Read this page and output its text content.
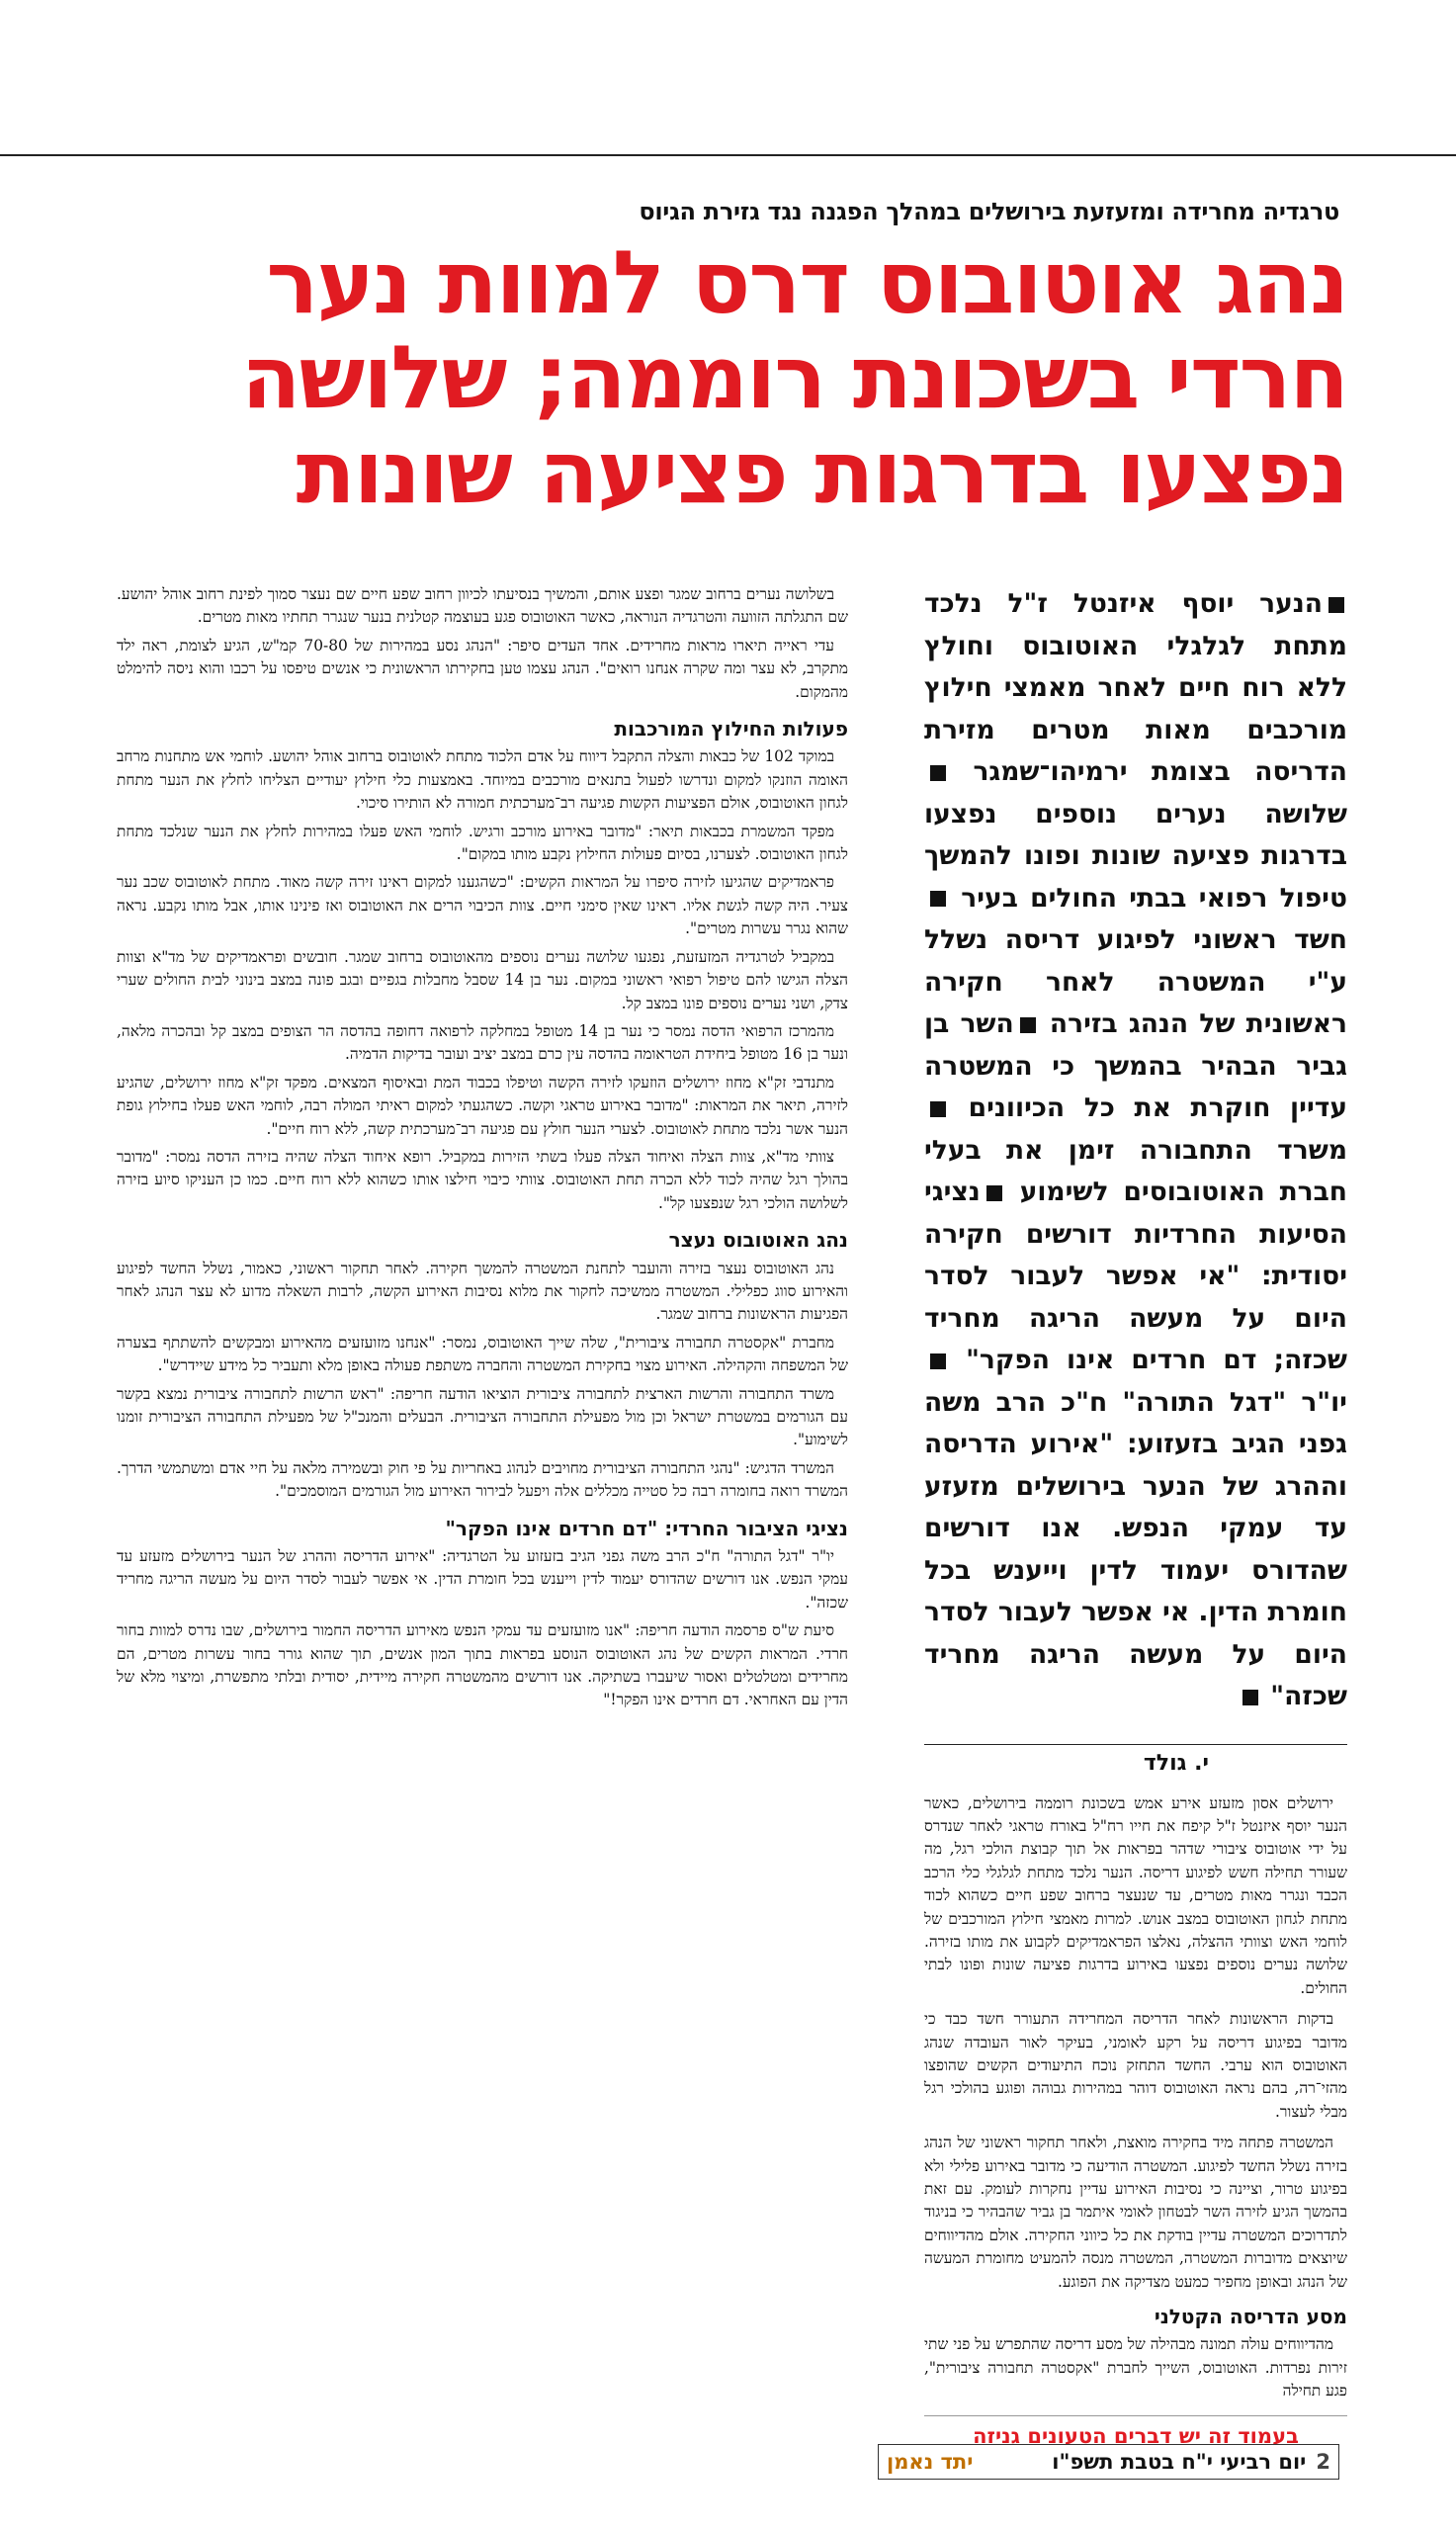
טרגדיה מחרידה ומזעזעת בירושלים במהלך הפגנה נגד גזירת הגיוס
נהג אוטובוס דרס למוות נער
חרדי בשכונת רוממה; שלושה
נפצעו בדרגות פציעה שונות

הנער יוסף איזנטל ז"ל נלכד מתחת לגלגלי האוטובוס וחולץ ללא רוח חיים לאחר מאמצי חילוץ מורכבים מאות מטרים מזירת הדריסה בצומת ירמיהו־שמגר שלושה נערים נוספים נפצעו בדרגות פציעה שונות ופונו להמשך טיפול רפואי בבתי החולים בעיר חשד ראשוני לפיגוע דריסה נשלל ע"י המשטרה לאחר חקירה ראשונית של הנהג בזירה השר בן גביר הבהיר בהמשך כי המשטרה עדיין חוקרת את כל הכיוונים משרד התחבורה זימן את בעלי חברת האוטובוסים לשימוע נציגי הסיעות החרדיות דורשים חקירה יסודית: "אי אפשר לעבור לסדר היום על מעשה הריגה מחריד שכזה; דם חרדים אינו הפקר" יו"ר "דגל התורה" ח"כ הרב משה גפני הגיב בזעזוע: "אירוע הדריסה וההרג של הנער בירושלים מזעזע עד עמקי הנפש. אנו דורשים שהדורס יעמוד לדין וייענש בכל חומרת הדין. אי אפשר לעבור לסדר היום על מעשה הריגה מחריד שכזה"

י. גולד

ירושלים אסון מזעזע אירע אמש בשכונת רוממה בירושלים, כאשר הנער יוסף איזנטל ז"ל קיפח את חייו רח"ל באורח טראגי לאחר שנדרס על ידי אוטובוס ציבורי שדהר בפראות אל תוך קבוצת הולכי רגל, מה שעורר תחילה חשש לפיגוע דריסה. הנער נלכד מתחת לגלגלי כלי הרכב הכבד ונגרר מאות מטרים, עד שנעצר ברחוב שפע חיים כשהוא לכוד מתחת לגחון האוטובוס במצב אנוש. למרות מאמצי חילוץ המורכבים של לוחמי האש וצוותי ההצלה, נאלצו הפראמדיקים לקבוע את מותו בזירה. שלושה נערים נוספים נפצעו באירוע בדרגות פציעה שונות ופונו לבתי החולים.

בדקות הראשונות לאחר הדריסה המחרידה התעורר חשד כבד כי מדובר בפיגוע דריסה על רקע לאומני, בעיקר לאור העובדה שנהג האוטובוס הוא ערבי. החשד התחזק נוכח התיעודים הקשים שהופצו מהזי־רה, בהם נראה האוטובוס דוהר במהירות גבוהה ופוגע בהולכי רגל מבלי לעצור.

המשטרה פתחה מיד בחקירה מואצת, ולאחר תחקור ראשוני של הנהג בזירה נשלל החשד לפיגוע. המשטרה הודיעה כי מדובר באירוע פלילי ולא בפיגוע טרור, וציינה כי נסיבות האירוע עדיין נחקרות לעומק. עם זאת בהמשך הגיע לזירה השר לבטחון לאומי איתמר בן גביר שהבהיר כי בניגוד לתדרוכים המשטרה עדיין בודקת את כל כיווני החקירה. אולם מהדיווחים שיוצאים מדוברות המשטרה, המשטרה מנסה להמעיט מחומרת המעשה של הנהג ובאופן מחפיר כמעט מצדיקה את הפוגע.

מסע הדריסה הקטלני

מהדיווחים עולה תמונה מבהילה של מסע דריסה שהתפרש על פני שתי זירות נפרדות. האוטובוס, השייך לחברת "אקסטרה תחבורה ציבורית", פגע תחילה

בעמוד זה יש דברים הטעונים גניזה

בשלושה נערים ברחוב שמגר ופצע אותם, והמשיך בנסיעתו לכיוון רחוב שפע חיים שם נעצר סמוך לפינת רחוב אוהל יהושע. שם התגלתה הזוועה והטרגדיה הנוראה, כאשר האוטובוס פגע בעוצמה קטלנית בנער שנגרר תחתיו מאות מטרים.

עדי ראייה תיארו מראות מחרידים. אחד העדים סיפר: "הנהג נסע במהירות של 70-80 קמ"ש, הגיע לצומת, ראה ילד מתקרב, לא עצר ומה שקרה אנחנו רואים". הנהג עצמו טען בחקירתו הראשונית כי אנשים טיפסו על רכבו והוא ניסה להימלט מהמקום.

פעולות החילוץ המורכבות

במוקד 102 של כבאות והצלה התקבל דיווח על אדם הלכוד מתחת לאוטובוס ברחוב אוהל יהושע. לוחמי אש מתחנות מרחב האומה הוזנקו למקום ונדרשו לפעול בתנאים מורכבים במיוחד. באמצעות כלי חילוץ יעודיים הצליחו לחלץ את הנער מתחת לגחון האוטובוס, אולם הפציעות הקשות פגיעה רב־מערכתית חמורה לא הותירו סיכוי.

מפקד המשמרת בכבאות תיאר: "מדובר באירוע מורכב ורגיש. לוחמי האש פעלו במהירות לחלץ את הנער שנלכד מתחת לגחון האוטובוס. לצערנו, בסיום פעולות החילוץ נקבע מותו במקום".

פראמדיקים שהגיעו לזירה סיפרו על המראות הקשים: "כשהגענו למקום ראינו זירה קשה מאוד. מתחת לאוטובוס שכב נער צעיר. היה קשה לגשת אליו. ראינו שאין סימני חיים. צוות הכיבוי הרים את האוטובוס ואז פינינו אותו, אבל מותו נקבע. נראה שהוא נגרר עשרות מטרים".

במקביל לטרגדיה המזעזעת, נפגעו שלושה נערים נוספים מהאוטובוס ברחוב שמגר. חובשים ופראמדיקים של מד"א וצוות הצלה הגישו להם טיפול רפואי ראשוני במקום. נער בן 14 שסבל מחבלות בגפיים ובגב פונה במצב בינוני לבית החולים שערי צדק, ושני נערים נוספים פונו במצב קל.

מהמרכז הרפואי הדסה נמסר כי נער בן 14 מטופל במחלקה לרפואה דחופה בהדסה הר הצופים במצב קל ובהכרה מלאה, ונער בן 16 מטופל ביחידת הטראומה בהדסה עין כרם במצב יציב ועובר בדיקות הדמיה.

מתנדבי זק"א מחוז ירושלים הוזעקו לזירה הקשה וטיפלו בכבוד המת ובאיסוף המצאים. מפקד זק"א מחוז ירושלים, שהגיע לזירה, תיאר את המראות: "מדובר באירוע טראגי וקשה. כשהגעתי למקום ראיתי המולה רבה, לוחמי האש פעלו בחילוץ גופת הנער אשר נלכד מתחת לאוטובוס. לצערי הנער חולץ עם פגיעה רב־מערכתית קשה, ללא רוח חיים".

צוותי מד"א, צוות הצלה ואיחוד הצלה פעלו בשתי הזירות במקביל. רופא איחוד הצלה שהיה בזירה הדסה נמסר: "מדובר בהולך רגל שהיה לכוד ללא הכרה תחת האוטובוס. צוותי כיבוי חילצו אותו כשהוא ללא רוח חיים. כמו כן העניקו סיוע בזירה לשלושה הולכי רגל שנפצעו קל".

נהג האוטובוס נעצר

נהג האוטובוס נעצר בזירה והועבר לתחנת המשטרה להמשך חקירה. לאחר תחקור ראשוני, כאמור, נשלל החשד לפיגוע והאירוע סווג כפלילי. המשטרה ממשיכה לחקור את מלוא נסיבות האירוע הקשה, לרבות השאלה מדוע לא עצר הנהג לאחר הפגיעות הראשונות ברחוב שמגר.

מחברת "אקסטרה תחבורה ציבורית", שלה שייך האוטובוס, נמסר: "אנחנו מזועזעים מהאירוע ומבקשים להשתתף בצערה של המשפחה והקהילה. האירוע מצוי בחקירת המשטרה והחברה משתפת פעולה באופן מלא ותעביר כל מידע שיידרש".

משרד התחבורה והרשות הארצית לתחבורה ציבורית הוציאו הודעה חריפה: "ראש הרשות לתחבורה ציבורית נמצא בקשר עם הגורמים במשטרת ישראל וכן מול מפעילת התחבורה הציבורית. הבעלים והמנכ"ל של מפעילת התחבורה הציבורית זומנו לשימוע".

המשרד הדגיש: "נהגי התחבורה הציבורית מחויבים לנהוג באחריות על פי חוק ובשמירה מלאה על חיי אדם ומשתמשי הדרך. המשרד רואה בחומרה רבה כל סטייה מכללים אלה ויפעל לבירור האירוע מול הגורמים המוסמכים".

נציגי הציבור החרדי: "דם חרדים אינו הפקר"

יו"ר "דגל התורה" ח"כ הרב משה גפני הגיב בזעזוע על הטרגדיה: "אירוע הדריסה וההרג של הנער בירושלים מזעזע עד עמקי הנפש. אנו דורשים שהדורס יעמוד לדין וייענש בכל חומרת הדין. אי אפשר לעבור לסדר היום על מעשה הריגה מחריד שכזה".

סיעת ש"ס פרסמה הודעה חריפה: "אנו מזועזעים עד עמקי הנפש מאירוע הדריסה החמור בירושלים, שבו נדרס למוות בחור חרדי. המראות הקשים של נהג האוטובוס הנוסע בפראות בתוך המון אנשים, תוך שהוא גורר בחור עשרות מטרים, הם מחרידים ומטלטלים ואסור שיעברו בשתיקה. אנו דורשים מהמשטרה חקירה מיידית, יסודית ובלתי מתפשרת, ומיצוי מלא של הדין עם האחראי. דם חרדים אינו הפקר!"

2
יום רביעי י"ח בטבת תשפ"ו
יתד נאמן
